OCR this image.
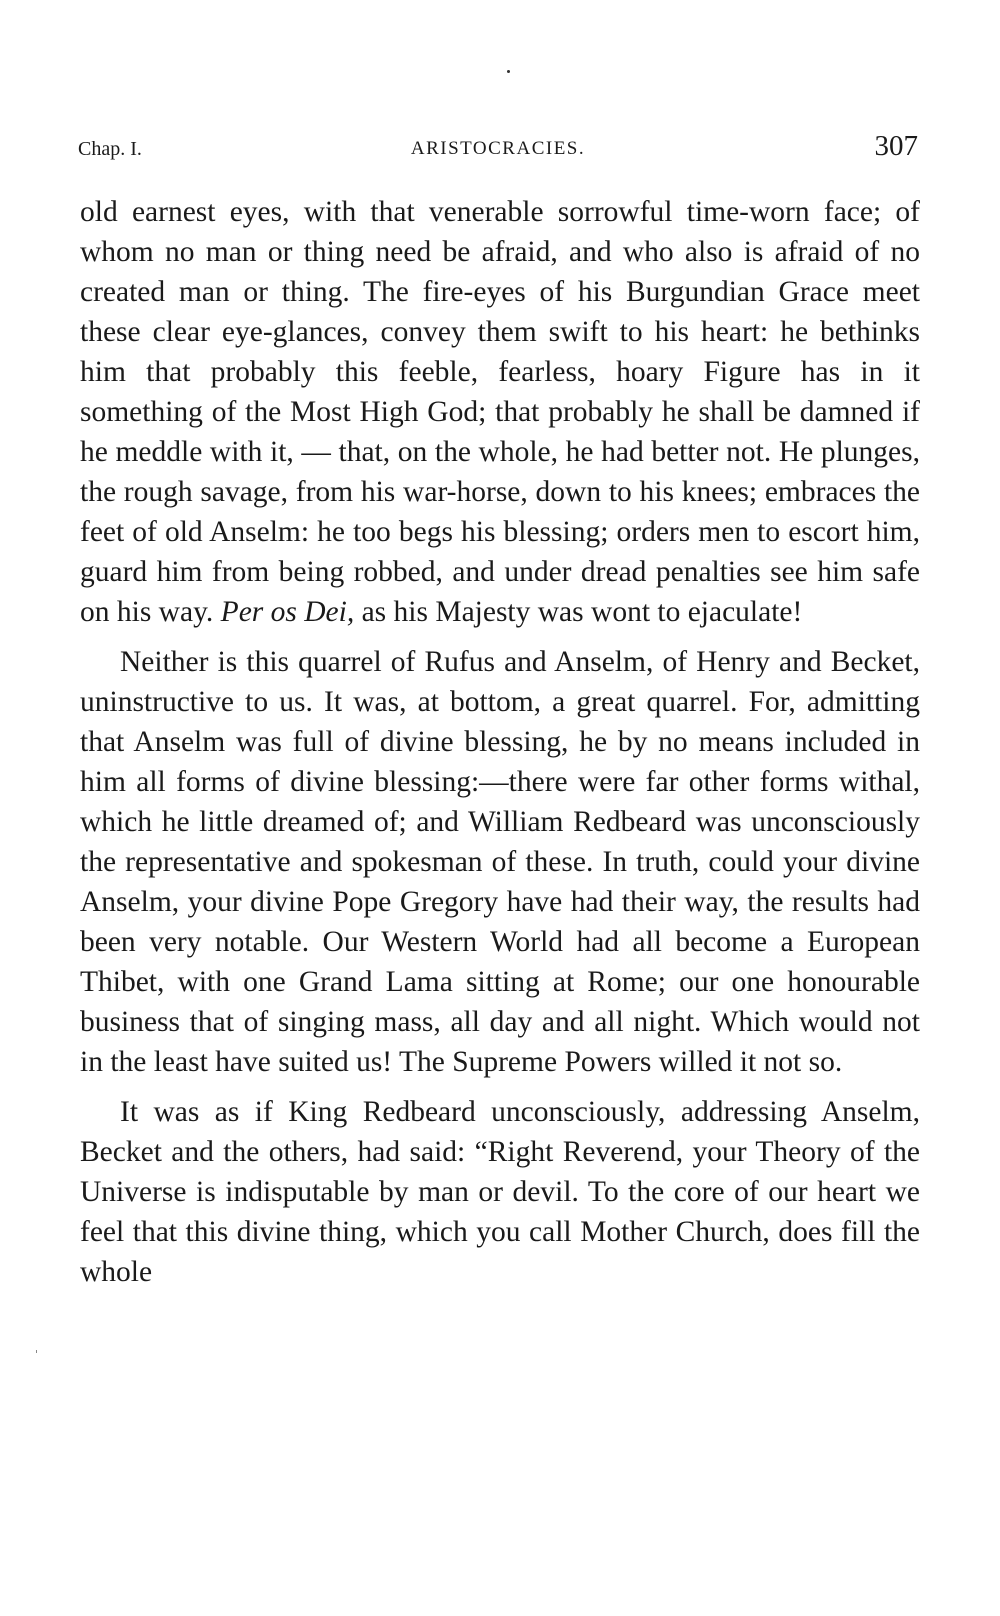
Chap. I.	ARISTOCRACIES.	307

old earnest eyes, with that venerable sorrowful time-worn face; of whom no man or thing need be afraid, and who also is afraid of no created man or thing. The fire-eyes of his Burgundian Grace meet these clear eye-glances, convey them swift to his heart: he bethinks him that probably this feeble, fearless, hoary Figure has in it something of the Most High God; that probably he shall be damned if he meddle with it, — that, on the whole, he had better not. He plunges, the rough savage, from his war-horse, down to his knees; embraces the feet of old Anselm: he too begs his blessing; orders men to escort him, guard him from being robbed, and under dread penalties see him safe on his way. Per os Dei, as his Majesty was wont to ejaculate!

Neither is this quarrel of Rufus and Anselm, of Henry and Becket, uninstructive to us. It was, at bottom, a great quarrel. For, admitting that Anselm was full of divine blessing, he by no means included in him all forms of divine blessing:—there were far other forms withal, which he little dreamed of; and William Redbeard was unconsciously the representative and spokesman of these. In truth, could your divine Anselm, your divine Pope Gregory have had their way, the results had been very notable. Our Western World had all become a European Thibet, with one Grand Lama sitting at Rome; our one honourable business that of singing mass, all day and all night. Which would not in the least have suited us! The Supreme Powers willed it not so.

It was as if King Redbeard unconsciously, addressing Anselm, Becket and the others, had said: “Right Reverend, your Theory of the Universe is indisputable by man or devil. To the core of our heart we feel that this divine thing, which you call Mother Church, does fill the whole
